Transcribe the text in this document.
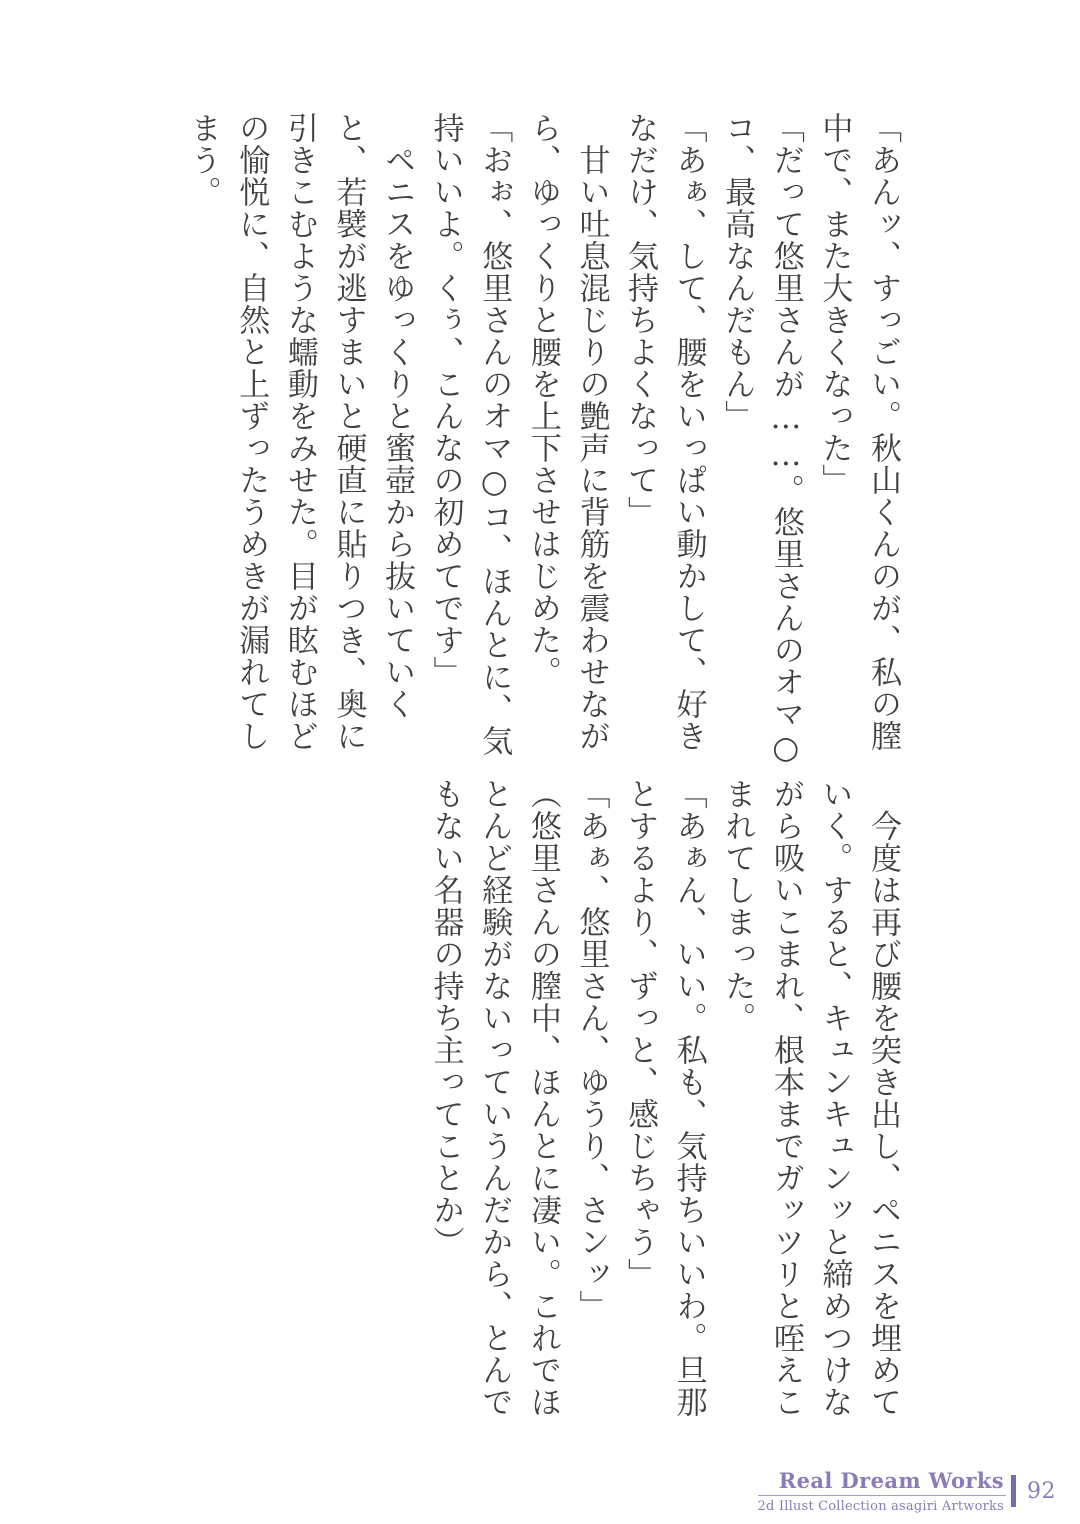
「あんッ、すっごい。秋山くんのが、私の膣
中で、また大きくなった」
「だって悠里さんが……。悠里さんのオマ○
コ、最高なんだもん」
「あぁ、して、腰をいっぱい動かして、好き
なだけ、気持ちよくなって」
　甘い吐息混じりの艶声に背筋を震わせなが
ら、ゆっくりと腰を上下させはじめた。
「おぉ、悠里さんのオマ○コ、ほんとに、気
持いいよ。くぅ、こんなの初めてです」
　ペニスをゆっくりと蜜壺から抜いていく
と、若襞が逃すまいと硬直に貼りつき、奥に
引きこむような蠕動をみせた。目が眩むほど
の愉悦に、自然と上ずったうめきが漏れてし
まう。
　今度は再び腰を突き出し、ペニスを埋めて
いく。すると、キュンキュンッと締めつけな
がら吸いこまれ、根本までガッツリと咥えこ
まれてしまった。
「あぁん、いい。私も、気持ちいいわ。旦那
とするより、ずっと、感じちゃう」
「あぁ、悠里さん、ゆうり、さンッ」
（悠里さんの膣中、ほんとに凄い。これでほ
とんど経験がないっていうんだから、とんで
もない名器の持ち主ってことか）
Real Dream Works
2d Illust Collection asagiri Artworks
92
